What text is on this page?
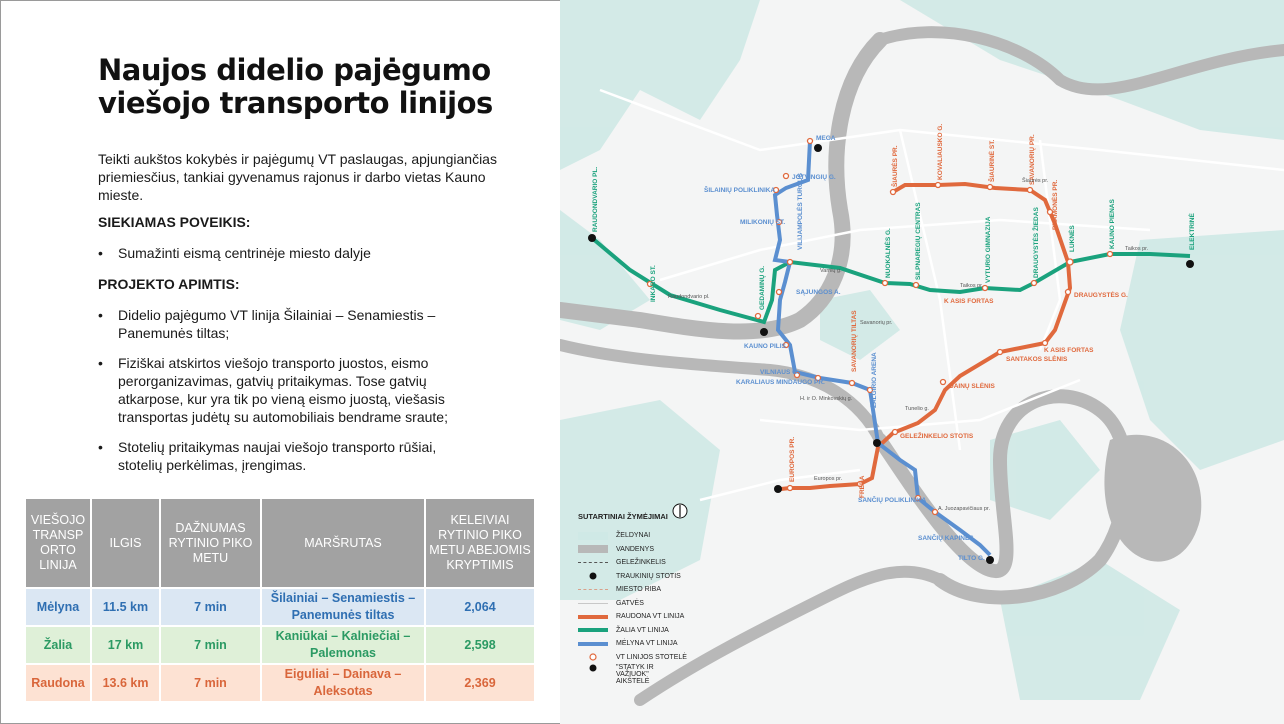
Naujos didelio pajėgumo viešojo transporto linijos
Teikti aukštos kokybės ir pajėgumų VT paslaugas, apjungiančias priemiesčius, tankiai gyvenamus rajonus ir darbo vietas Kauno mieste.
SIEKIAMAS POVEIKIS:
• Sumažinti eismą centrinėje miesto dalyje
PROJEKTO APIMTIS:
• Didelio pajėgumo VT linija Šilainiai – Senamiestis – Panemunės tiltas;
• Fiziškai atskirtos viešojo transporto juostos, eismo perorganizavimas, gatvių pritaikymas. Tose gatvių atkarpose, kur yra tik po vieną eismo juostą, viešasis transportas judėtų su automobiliais bendrame sraute;
• Stotelių pritaikymas naujai viešojo transporto rūšiai, stotelių perkėlimas, įrengimas.
VIEŠOJO TRANSP ORTO LINIJA	ILGIS	DAŽNUMAS RYTINIO PIKO METU	MARŠRUTAS	KELEIVIAI RYTINIO PIKO METU ABEJOMIS KRYPTIMIS
Mėlyna	11.5 km	7 min	Šilainiai – Senamiestis – Panemunės tiltas	2,064
Žalia	17 km	7 min	Kaniūkai – Kalniečiai – Palemonas	2,598
Raudona	13.6 km	7 min	Eiguliai – Dainava – Aleksotas	2,369
MEGA
JOTVINGIŲ G.
ŠILAINIŲ POLIKLINIKA
MILIKONIŲ ST.
SĄJUNGOS A.
KAUNO PILIS
VILNIAUS G.
KARALIAUS MINDAUGO PR.
GELEŽINKELIO STOTIS
SANČIŲ POLIKLINIKA
SANČIŲ KAPINĖS
TILTO G.
K ASIS FORTAS
DRAUGYSTĖS G.
SANTAKOS SLĖNIS
DAINŲ SLĖNIS
K ASIS FORTAS
RAUDONDVARIO PL.
INKARO ST.	GEDAMINŲ G.
NUOKALNĖS G.	SILPNAREGIŲ CENTRAS	VYTURIO GIMNAZIJA	DRAUGYSTĖS ŽIEDAS	LUKNĖS	KAUNO PIENAS	ELEKTRINĖ
ŠIAURĖS PR.	KOVALIAUSKO G.	ŠIAURINĖ ST.	SAVANORIŲ PR.
PRAMONĖS PR.
EUROPOS PR.
FREDA
VILIJAMPOLĖS TURGUS
SAVANORIŲ TILTAS
ŽALGIRIO ARENA
Raudondvario pl.
Varnių g.
Savanorių pr.
Šiaurės pr.
Taikos pr.
Taikos pr.
H. ir O. Minkovskių g.
Europos pr.
A. Juozapavičiaus pr.
Tunelio g.
SUTARTINIAI ŽYMĖJIMAI
ŽELDYNAI
VANDENYS
GELEŽINKELIS
TRAUKINIŲ STOTIS
MIESTO RIBA
GATVĖS
RAUDONA VT LINIJA
ŽALIA VT LINIJA
MĖLYNA VT LINIJA
VT LINIJOS STOTELĖ
"STATYK IR VAŽIUOK" AIKŠTELĖ
